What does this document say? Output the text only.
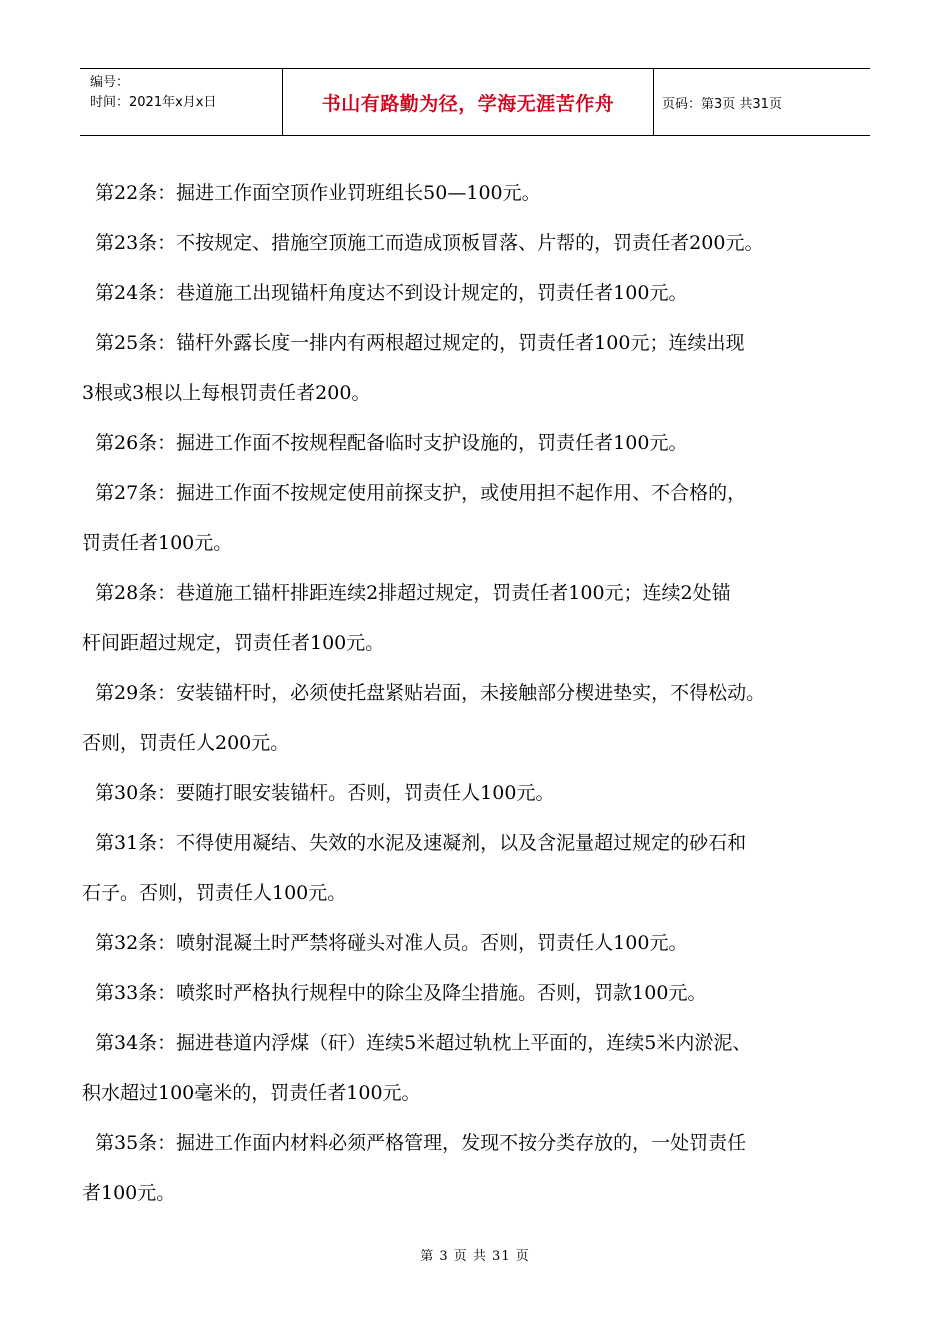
编号：
时间：2021年x月x日	书山有路勤为径，学海无涯苦作舟	页码：第3页 共31页

第22条：掘进工作面空顶作业罚班组长50—100元。

第23条：不按规定、措施空顶施工而造成顶板冒落、片帮的，罚责任者200元。

第24条：巷道施工出现锚杆角度达不到设计规定的，罚责任者100元。

第25条：锚杆外露长度一排内有两根超过规定的，罚责任者100元；连续出现

3根或3根以上每根罚责任者200。

第26条：掘进工作面不按规程配备临时支护设施的，罚责任者100元。

第27条：掘进工作面不按规定使用前探支护，或使用担不起作用、不合格的，

罚责任者100元。

第28条：巷道施工锚杆排距连续2排超过规定，罚责任者100元；连续2处锚

杆间距超过规定，罚责任者100元。

第29条：安装锚杆时，必须使托盘紧贴岩面，未接触部分楔进垫实，不得松动。

否则，罚责任人200元。

第30条：要随打眼安装锚杆。否则，罚责任人100元。

第31条：不得使用凝结、失效的水泥及速凝剂，以及含泥量超过规定的砂石和

石子。否则，罚责任人100元。

第32条：喷射混凝土时严禁将碰头对准人员。否则，罚责任人100元。

第33条：喷浆时严格执行规程中的除尘及降尘措施。否则，罚款100元。

第34条：掘进巷道内浮煤（矸）连续5米超过轨枕上平面的，连续5米内淤泥、

积水超过100毫米的，罚责任者100元。

第35条：掘进工作面内材料必须严格管理，发现不按分类存放的，一处罚责任

者100元。

第 3 页 共 31 页
